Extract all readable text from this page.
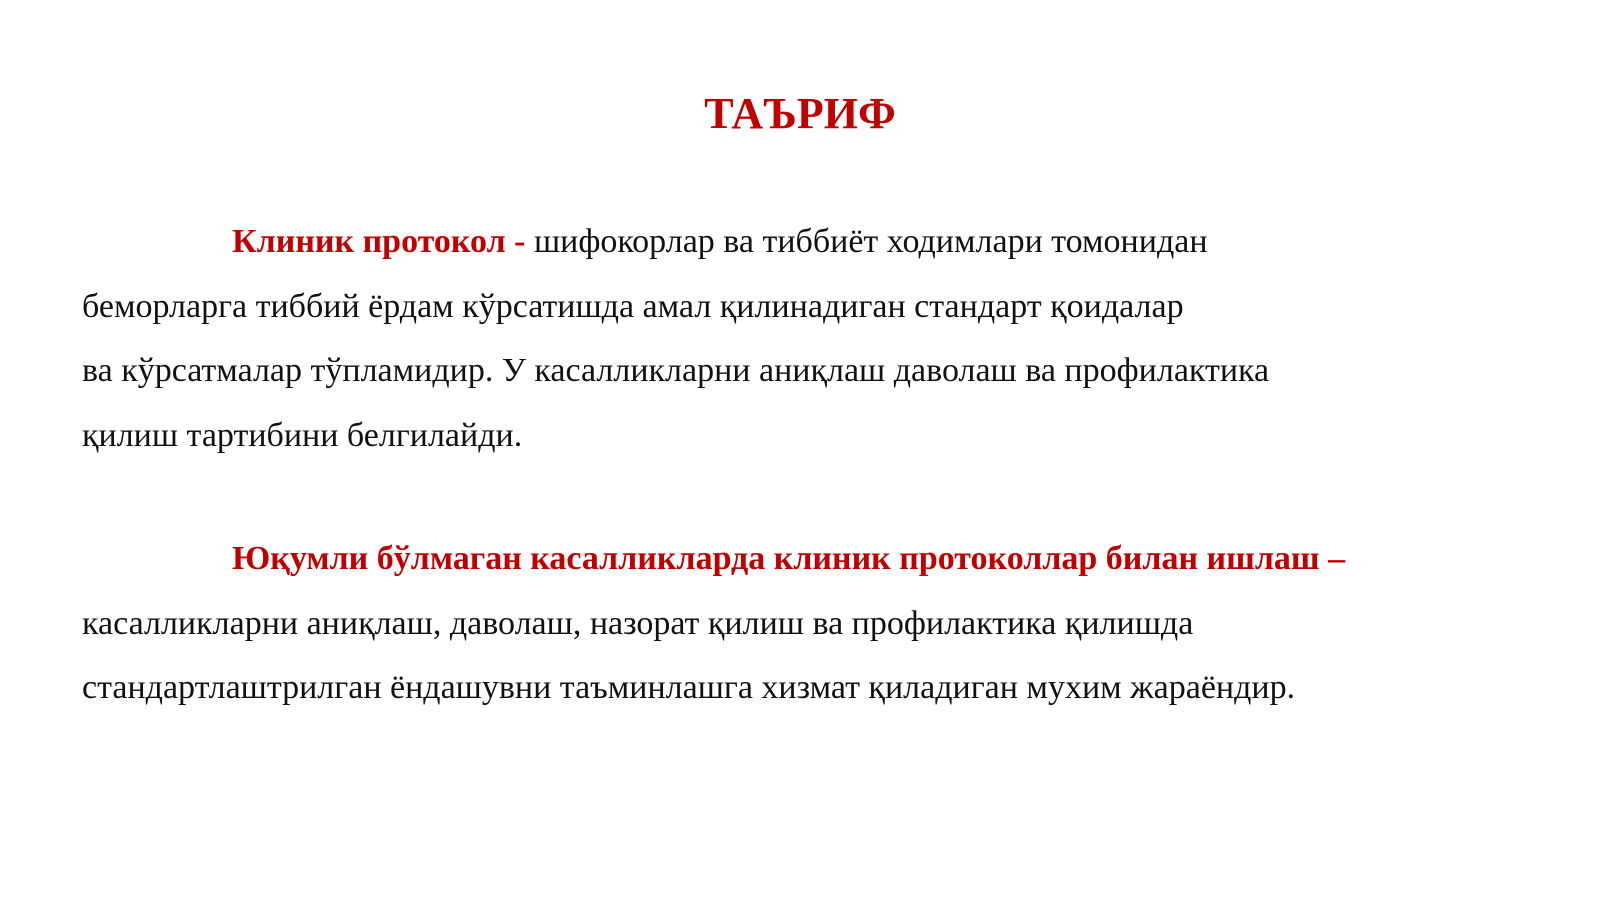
ТАЪРИФ
Клиник протокол - шифокорлар ва тиббиёт ходимлари томонидан
беморларга тиббий ёрдам кўрсатишда амал қилинадиган стандарт қоидалар
ва кўрсатмалар тўпламидир. У касалликларни аниқлаш даволаш ва профилактика
қилиш тартибини белгилайди.
Юқумли бўлмаган касалликларда клиник протоколлар билан ишлаш –
касалликларни аниқлаш, даволаш, назорат қилиш ва профилактика қилишда
стандартлаштрилган ёндашувни таъминлашга хизмат қиладиган мухим жараёндир.
